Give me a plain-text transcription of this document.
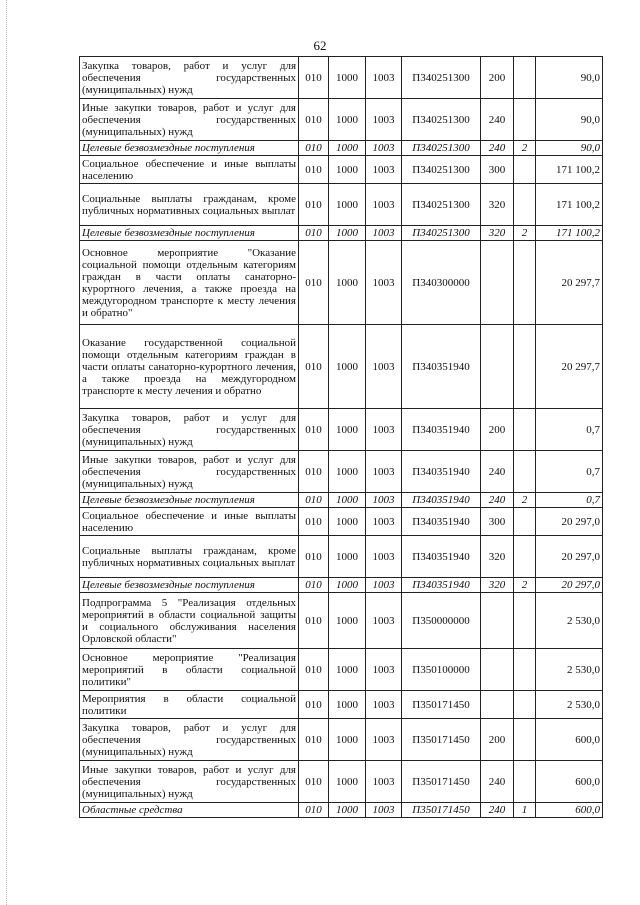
62
Закупка товаров, работ и услуг для обеспечения государственных (муниципальных) нужд	010	1000	1003	П340251300	200		90,0
Иные закупки товаров, работ и услуг для обеспечения государственных (муниципальных) нужд	010	1000	1003	П340251300	240		90,0
Целевые безвозмездные поступления	010	1000	1003	П340251300	240	2	90,0
Социальное обеспечение и иные выплаты населению	010	1000	1003	П340251300	300		171 100,2
Социальные выплаты гражданам, кроме публичных нормативных социальных выплат	010	1000	1003	П340251300	320		171 100,2
Целевые безвозмездные поступления	010	1000	1003	П340251300	320	2	171 100,2
Основное мероприятие "Оказание социальной помощи отдельным категориям граждан в части оплаты санаторно-курортного лечения, а также проезда на междугородном транспорте к месту лечения и обратно"	010	1000	1003	П340300000			20 297,7
Оказание государственной социальной помощи отдельным категориям граждан в части оплаты санаторно-курортного лечения, а также проезда на междугородном транспорте к месту лечения и обратно	010	1000	1003	П340351940			20 297,7
Закупка товаров, работ и услуг для обеспечения государственных (муниципальных) нужд	010	1000	1003	П340351940	200		0,7
Иные закупки товаров, работ и услуг для обеспечения государственных (муниципальных) нужд	010	1000	1003	П340351940	240		0,7
Целевые безвозмездные поступления	010	1000	1003	П340351940	240	2	0,7
Социальное обеспечение и иные выплаты населению	010	1000	1003	П340351940	300		20 297,0
Социальные выплаты гражданам, кроме публичных нормативных социальных выплат	010	1000	1003	П340351940	320		20 297,0
Целевые безвозмездные поступления	010	1000	1003	П340351940	320	2	20 297,0
Подпрограмма 5 "Реализация отдельных мероприятий в области социальной защиты и социального обслуживания населения Орловской области"	010	1000	1003	П350000000			2 530,0
Основное мероприятие "Реализация мероприятий в области социальной политики"	010	1000	1003	П350100000			2 530,0
Мероприятия в области социальной политики	010	1000	1003	П350171450			2 530,0
Закупка товаров, работ и услуг для обеспечения государственных (муниципальных) нужд	010	1000	1003	П350171450	200		600,0
Иные закупки товаров, работ и услуг для обеспечения государственных (муниципальных) нужд	010	1000	1003	П350171450	240		600,0
Областные средства	010	1000	1003	П350171450	240	1	600,0
